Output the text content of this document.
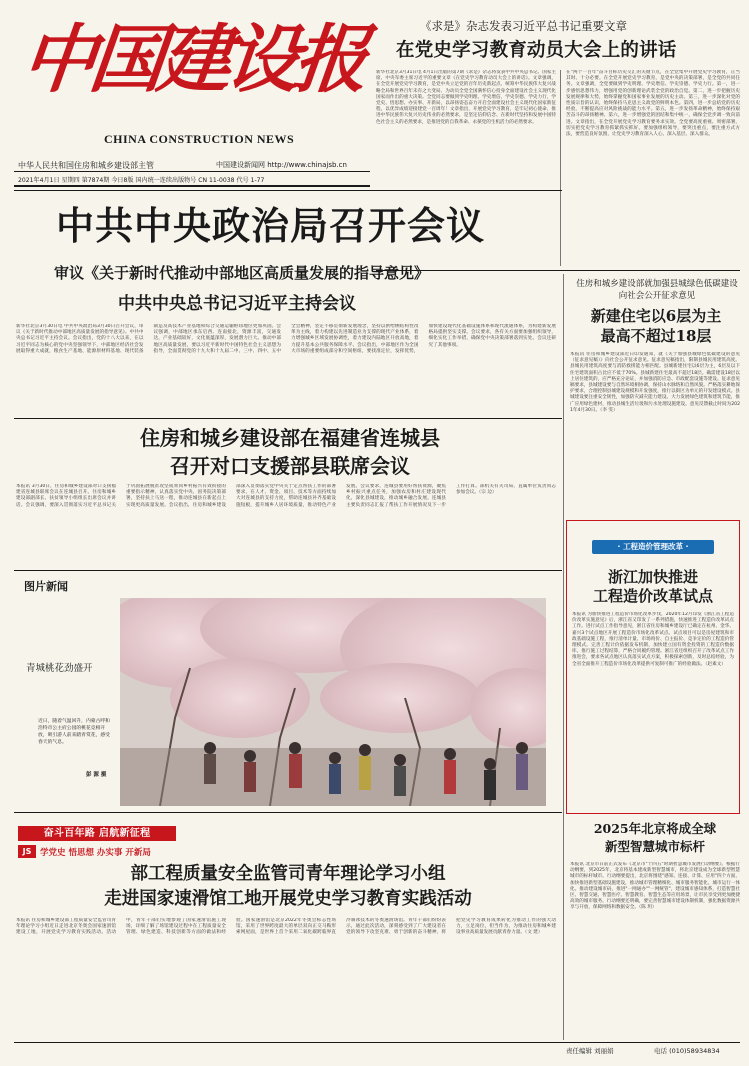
中国建设报
CHINA CONSTRUCTION NEWS
中华人民共和国住房和城乡建设部主管	中国建设新闻网 http://www.chinajsb.cn
2021年4月1日 星期四 第7874期 今日8版 国内统一连续出版物号 CN 11-0038 代号 1-77
《求是》杂志发表习近平总书记重要文章
在党史学习教育动员大会上的讲话
新华社北京3月31日电 4月1日出版的第7期《求是》杂志将发表中共中央总书记、国家主席、中央军委主席习近平的重要文章《在党史学习教育动员大会上的讲话》。文章强调，在全党开展党史学习教育，是党中央立足党的百年历史新起点、统筹中华民族伟大复兴战略全局和世界百年未有之大变局、为动员全党全国满怀信心投身全面建设社会主义现代化国家而作出的重大决策。全党同志要做到学史明理、学史增信、学史崇德、学史力行，学党史、悟思想、办实事、开新局，以昂扬姿态奋力开启全面建设社会主义现代化国家新征程，以优异成绩迎接建党一百周年！文章指出，开展党史学习教育，是牢记初心使命、推进中华民族伟大复兴历史伟业的必然要求，是坚定信仰信念、在新时代坚持和发展中国特色社会主义的必然要求，是推进党的自我革命、永葆党的生机活力的必然要求。
在"两个一百年"奋斗目标历史交汇的关键节点，在全党集中开展党史学习教育，正当其时、十分必要。在全党开展党史学习教育，是党中央的决策部署，是全党的共同任务。文章强调，全党要做到学史明理、学史增信、学史崇德、学史力行。第一，进一步感悟思想伟力，增强用党的创新理论武装全党的政治自觉。第二，进一步把握历史发展规律和大势，始终掌握党和国家事业发展的历史主动。第三，进一步深化对党的性质宗旨的认识，始终保持马克思主义政党的鲜明本色。第四，进一步总结党的历史经验，不断提高应对风险挑战的能力水平。第五，进一步发扬革命精神，始终保持艰苦奋斗的昂扬精神。第六，进一步增强党的团结和集中统一，确保全党步调一致向前进。文章指出，在全党开展党史学习教育要务求实效。全党要高度重视、周密部署，切实把党史学习教育抓紧抓实抓好。要加强组织领导，要突出重点，要注重方式方法，要营造良好氛围，让党史学习教育深入人心、深入基层、深入群众。
中共中央政治局召开会议
审议《关于新时代推动中部地区高质量发展的指导意见》
中共中央总书记习近平主持会议
新华社北京3月30日电 中共中央政治局3月30日召开会议，审议《关于新时代推动中部地区高质量发展的指导意见》。中共中央总书记习近平主持会议。会议指出，党的十八大以来，在以习近平同志为核心的党中央坚强领导下，中部地区经济社会发展取得重大成就，粮食生产基地、能源原材料基地、现代装备制造及高技术产业基地和综合交通运输枢纽地位更加巩固。会议强调，中部地区承东启西、连南接北，资源丰富，交通发达，产业基础较好，文化底蕴深厚，发展潜力巨大。推动中部地区高质量发展，要以习近平新时代中国特色社会主义思想为指导，全面贯彻党的十九大和十九届二中、三中、四中、五中全会精神，坚定不移贯彻新发展理念，坚持以供给侧结构性改革为主线，着力构建以先进制造业为支撑的现代产业体系，着力增强城乡区域发展协调性，着力建设内陆地区开放高地，着力提升基本公共服务保障水平。会议指出，中部地区作为全国大市场的重要组成部分和空间枢纽，要找准定位，发挥优势，加快建设现代化基础设施体系和现代流通体系，为构建新发展格局提供坚实支撑。会议要求，各有关方面要加强组织领导，细化实化工作举措，确保党中央决策部署落到实处。会议还研究了其他事项。
住房和城乡建设部就加强县城绿色低碳建设向社会公开征求意见
新建住宅以6层为主
最高不超过18层
本报讯 住房和城乡建设部近日印发通知，就《关于加强县城绿色低碳建设的意见（征求意见稿）》向社会公开征求意见。征求意见稿指出，限制县城民用建筑高度。县城民用建筑高度要与消防救援能力相匹配。县城新建住宅以6层为主，6层及以下住宅建筑面积占比应不低于70%。县城新建住宅最高不超过18层。确需建设18层以上居住建筑的，应严格充分论证，并加强消防应急、市政配套设施等建设。征求意见稿要求，县城建设要与自然环境相协调，保持山水脉络和自然风貌。严格落实耕地保护要求，合理控制县城建设规模和开发强度，推行以街区为单元的开发建设模式。县城建设要注重安全韧性，加强防灾减灾能力建设。大力发展绿色建筑和建筑节能，推广应用绿色建材，推动县城生活垃圾和污水处理设施建设。意见反馈截止时间为2021年4月30日。（李 雯）
住房和城乡建设部在福建省连城县
召开对口支援部县联席会议
本报讯 3月30日，住房和城乡建设部对口支援福建省连城县联席会议在连城县召开。住房和城乡建设部副部长、扶贫领导小组组长出席会议并讲话。会议强调，要深入贯彻落实习近平总书记关于巩固拓展脱贫攻坚成果同乡村振兴有效衔接的重要指示精神，认真落实党中央、国务院决策部署，坚持扶上马送一程，推动连城县在新起点上实现更高质量发展。会议指出，住房和城乡建设部深入贯彻落实党中央关于定点帮扶工作的部署要求，在人才、资金、项目、技术等方面持续加大对连城县的支持力度，帮助连城县补齐基础设施短板，提升城乡人居环境质量，推动特色产业发展。会议要求，连城县要用好帮扶资源，聚焦乡村振兴重点任务，加强农房和村庄建设现代化，深化县城建设，推动城乡融合发展。连城县主要负责同志汇报了帮扶工作开展情况及下一步工作打算。部机关有关司局、直属单位负责同志参加会议。（宗 边）
图片新闻
青城桃花劲盛开
近日，随着气温回升，内蒙古呼和浩特市公主府公园的桃花竞相开放，吸引游人前来踏青赏花，感受春天的气息。
彭 源 摄
· 工程造价管理改革 ·
浙江加快推进
工程造价改革试点
本报讯 为加快推进工程造价市场化改革步伐，2020年12月印发《浙江省工程造价改革实施意见》后，浙江省又印发了一系列措施，快速推进工程造价改革试点工作。进行试点工作指导意见，浙江省住房和城乡建设厅已确定在杭州、金华、嘉兴3个试点地区开展工程造价市场化改革试点。试点项目可以是房屋建筑和市政基础设施工程，推行清单计量、市场询价、自主报价、竞争定价的工程造价管理模式。完善工程计价依据发布机制，加快建立国有资金投资的工程造价数据库。推行施工过程结算，严格合同履约管理。浙江省还组织召开了改革试点工作推进会，要求各试点地区认真落实试点方案，积极探索创新，及时总结经验，为全省全面推开工程造价市场化改革提供可复制可推广的经验做法。（赵素文）
2025年北京将成全球
新型智慧城市标杆
本报讯 北京市日前正式发布《北京市"十四五"时期智慧城市发展行动纲要》。根据行动纲要，到2025年，北京将基本建成新型智慧城市，将北京建设成为全球新型智慧城市的标杆城市。行动纲要提出，北京将围绕"感知、连接、计算、应用"四个方面，加快推进新型基础设施建设，推动城市管理精细化、城市服务智能化、城市运行一体化。推动建设城市码，推进"一网通办""一网统管"，建设城市感知体系，打造智慧社区、智慧交通、智慧医疗、智慧教育、智慧生态等应用场景，让市民享受到更加便捷高效的城市服务。行动纲要还明确，要完善智慧城市建设体制机制，强化数据资源共享与开放，保障网络和数据安全。（陈 玥）
奋斗百年路 启航新征程
JS	学党史 悟思想 办实事 开新局
部工程质量安全监管司青年理论学习小组
走进国家速滑馆工地开展党史学习教育实践活动
本报讯 住房和城乡建设部工程质量安全监管司青年理论学习小组近日走进北京冬奥会国家速滑馆建设工地，开展党史学习教育实践活动。活动中，青年干部们实地参观了国家速滑馆施工现场，详细了解了场馆建设过程中在工程质量安全管理、绿色建造、科技创新等方面的做法和经验。国家速滑馆是北京2022年冬奥会标志性场馆，采用了世界跨度最大的单层双向正交马鞍形索网屋面，是世界上首个采用二氧化碳跨临界直冷制冰技术的冬奥速滑场馆。青年干部们纷纷表示，通过此次活动，深刻感受到了广大建设者在党的领导下攻坚克难、勇于创新的奋斗精神，将把党史学习教育成果转化为推动工作的强大动力，立足岗位，担当作为，为推动住房和城乡建设事业高质量发展贡献青春力量。（文 建）
责任编辑 刘丽娟	电话 (010)58934834
